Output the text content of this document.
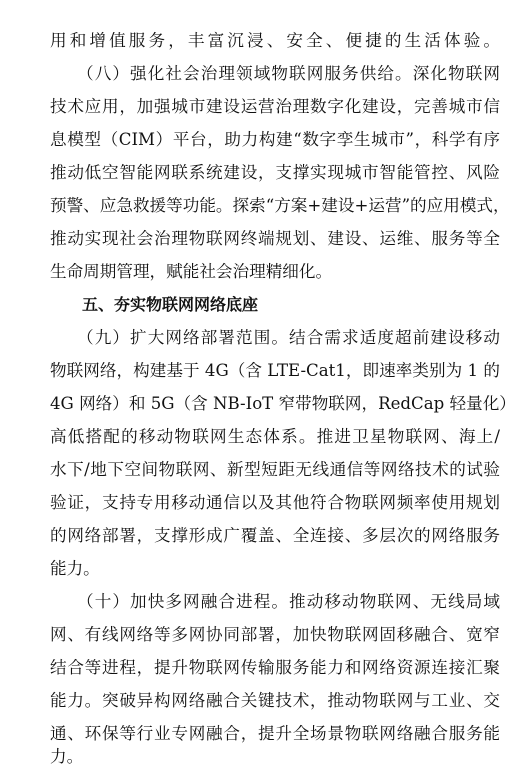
用和增值服务，丰富沉浸、安全、便捷的生活体验。
　　（八）强化社会治理领域物联网服务供给。深化物联网
技术应用，加强城市建设运营治理数字化建设，完善城市信
息模型（CIM）平台，助力构建“数字孪生城市”，科学有序
推动低空智能网联系统建设，支撑实现城市智能管控、风险
预警、应急救援等功能。探索“方案+建设+运营”的应用模式，
推动实现社会治理物联网终端规划、建设、运维、服务等全
生命周期管理，赋能社会治理精细化。
　　五、夯实物联网网络底座
　　（九）扩大网络部署范围。结合需求适度超前建设移动
物联网络，构建基于 4G（含 LTE-Cat1，即速率类别为 1 的
4G 网络）和 5G（含 NB-IoT 窄带物联网，RedCap 轻量化）
高低搭配的移动物联网生态体系。推进卫星物联网、海上/
水下/地下空间物联网、新型短距无线通信等网络技术的试验
验证，支持专用移动通信以及其他符合物联网频率使用规划
的网络部署，支撑形成广覆盖、全连接、多层次的网络服务
能力。
　　（十）加快多网融合进程。推动移动物联网、无线局域
网、有线网络等多网协同部署，加快物联网固移融合、宽窄
结合等进程，提升物联网传输服务能力和网络资源连接汇聚
能力。突破异构网络融合关键技术，推动物联网与工业、交
通、环保等行业专网融合，提升全场景物联网络融合服务能
力。
